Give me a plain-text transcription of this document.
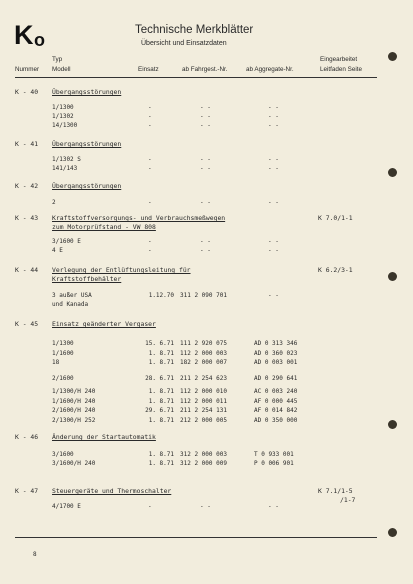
K o	Technische Merkblätter
Übersicht und Einsatzdaten
Typ
Nummer Modell	Einsatz	ab Fahrgest.-Nr.	ab Aggregate-Nr.
Eingearbeitet
Leitfaden Seite
K - 40 Übergangsstörungen
1/1300	-	- -	- -
1/1302	-	- -	- -
14/1300	-	- -	- -
K - 41 Übergangsstörungen
1/1302 S	-	- -	- -
141/143	-	- -	- -
K - 42 Übergangsstörungen
2	-	- -	- -
K - 43 Kraftstoffversorgungs- und Verbrauchsmeßwegen
zum Motorprüfstand - VW 808
K 7.0/1-1
3/1600 E	-	- -	- -
4 E	-	- -	- -
K - 44 Verlegung der Entlüftungsleitung für
Kraftstoffbehälter
K 6.2/3-1
3 außer USA	1.12.70 311 2 090 701	- -
und Kanada
K - 45 Einsatz geänderter Vergaser
1/1300	15. 6.71 111 2 920 075	AD 0 313 346
1/1600	1. 8.71 112 2 000 003	AD 0 360 023
18	1. 8.71 182 2 000 007	AD 0 003 001
2/1600	28. 6.71 211 2 254 623	AD 0 290 641
1/1300/H 240	1. 8.71 112 2 000 010	AC 0 003 240
1/1600/H 240	1. 8.71 112 2 000 011	AF 0 000 445
2/1600/H 240	29. 6.71 211 2 254 131	AF 0 014 842
2/1300/H 252	1. 8.71 212 2 000 005	AD 0 350 000
K - 46 Änderung der Startautomatik
3/1600	1. 8.71 312 2 000 003	T 0 933 001
3/1600/H 240	1. 8.71 312 2 000 009	P 0 006 901
K - 47 Steuergeräte und Thermoschalter	K 7.1/1-5
/1-7
4/1700 E	-	- -	- -
8
